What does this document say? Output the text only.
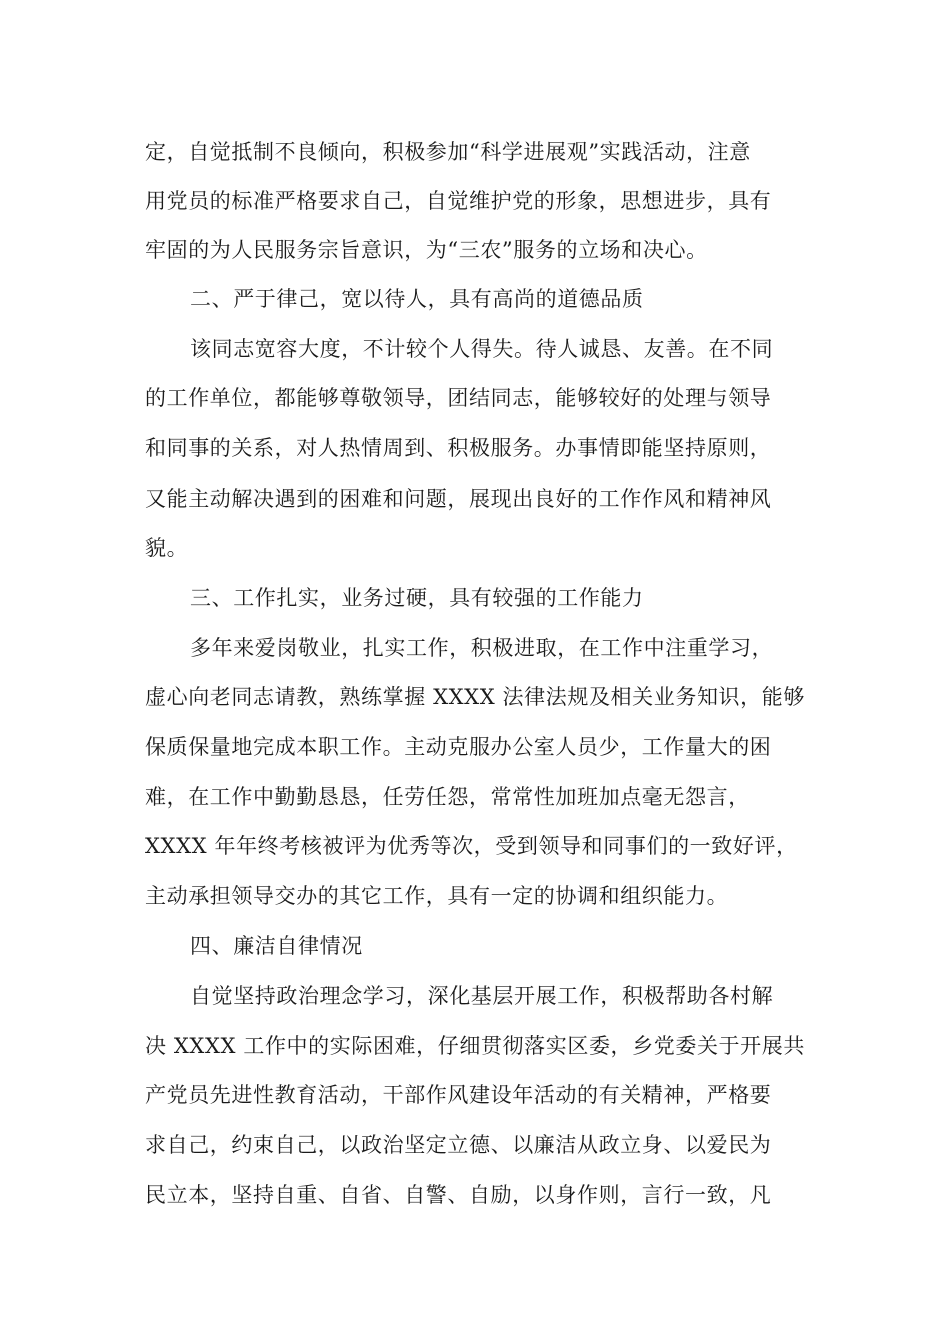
定，自觉抵制不良倾向，积极参加“科学进展观”实践活动，注意

用党员的标准严格要求自己，自觉维护党的形象，思想进步，具有

牢固的为人民服务宗旨意识，为“三农”服务的立场和决心。

二、严于律己，宽以待人，具有高尚的道德品质

该同志宽容大度，不计较个人得失。待人诚恳、友善。在不同

的工作单位，都能够尊敬领导，团结同志，能够较好的处理与领导

和同事的关系，对人热情周到、积极服务。办事情即能坚持原则，

又能主动解决遇到的困难和问题，展现出良好的工作作风和精神风

貌。

三、工作扎实，业务过硬，具有较强的工作能力

多年来爱岗敬业，扎实工作，积极进取，在工作中注重学习，

虚心向老同志请教，熟练掌握 XXXX 法律法规及相关业务知识，能够

保质保量地完成本职工作。主动克服办公室人员少，工作量大的困

难，在工作中勤勤恳恳，任劳任怨，常常性加班加点毫无怨言，

XXXX 年年终考核被评为优秀等次，受到领导和同事们的一致好评，

主动承担领导交办的其它工作，具有一定的协调和组织能力。

四、廉洁自律情况

自觉坚持政治理念学习，深化基层开展工作，积极帮助各村解

决 XXXX 工作中的实际困难，仔细贯彻落实区委，乡党委关于开展共

产党员先进性教育活动，干部作风建设年活动的有关精神，严格要

求自己，约束自己，以政治坚定立德、以廉洁从政立身、以爱民为

民立本，坚持自重、自省、自警、自励，以身作则，言行一致，凡
